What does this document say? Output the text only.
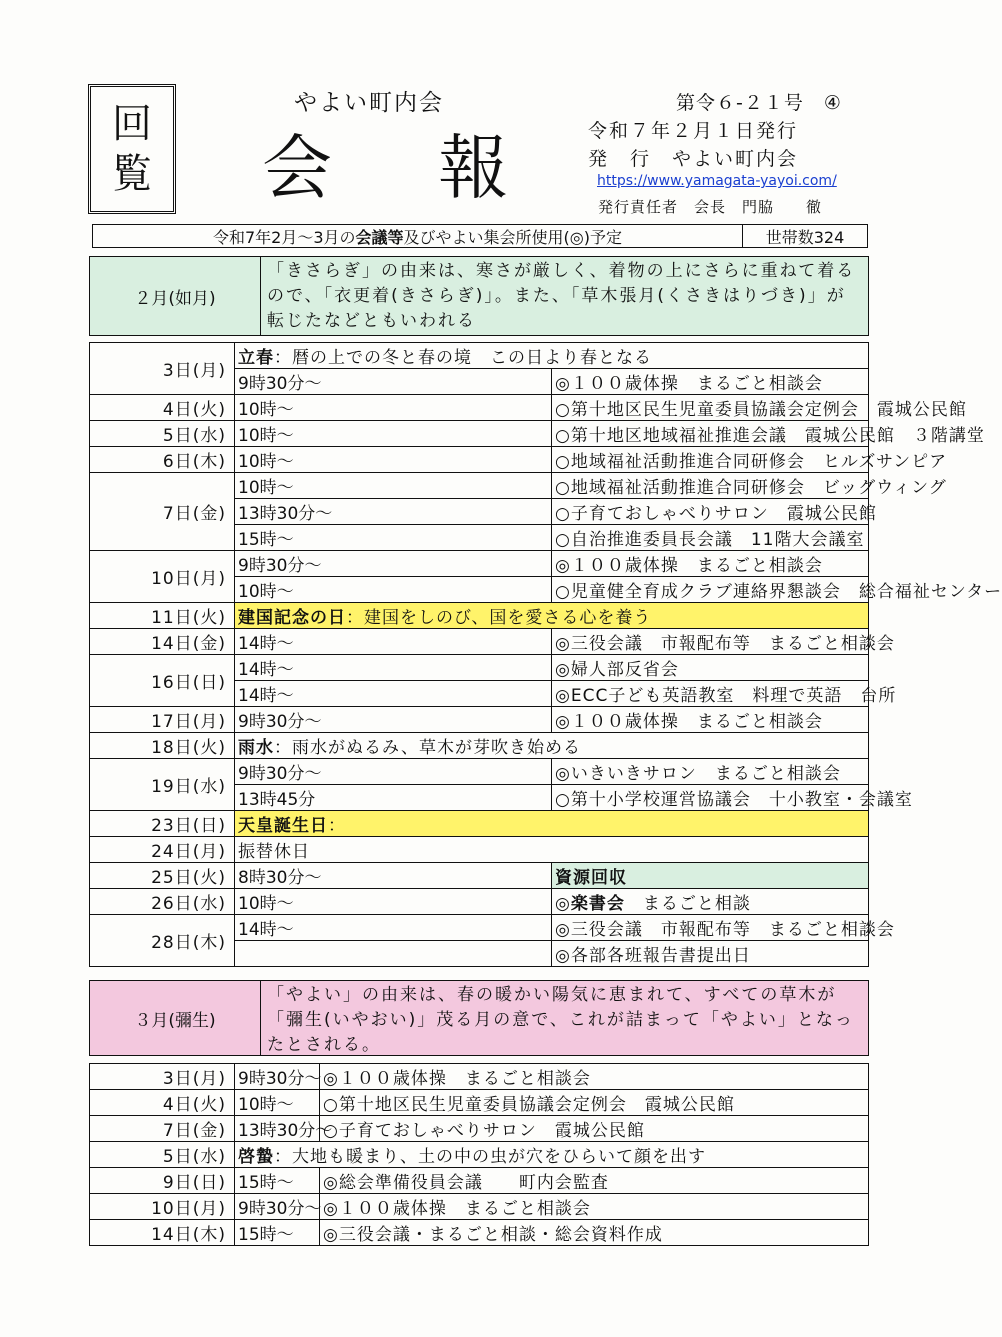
回
覧
やよい町内会
会 報
第令６-２１号　④
令和７年２月１日発行
発　行　やよい町内会
https://www.yamagata-yayoi.com/
発行責任者　会長　門脇　　徹
令和7年2月～3月の 会議等 及びやよい集会所使用(◎)予定	世帯数324
２月(如月)
「きさらぎ」の由来は、寒さが厳しく、着物の上にさらに重ねて着るので、「衣更着(きさらぎ)」。また、「草木張月(くさきはりづき)」が転じたなどともいわれる
3日(月)	立春：暦の上での冬と春の境　この日より春となる	
	9時30分～	◎１００歳体操　まるごと相談会
4日(火)	10時～	○第十地区民生児童委員協議会定例会　霞城公民館
5日(水)	10時～	○第十地区地域福祉推進会議　霞城公民館　３階講堂
6日(木)	10時～	○地域福祉活動推進合同研修会　ヒルズサンピア
7日(金)	10時～	○地域福祉活動推進合同研修会　ビッグウィング
	13時30分～	○子育ておしゃべりサロン　霞城公民館
	15時～	○自治推進委員長会議　11階大会議室
10日(月)	9時30分～	◎１００歳体操　まるごと相談会
	10時～	○児童健全育成クラブ連絡界懇談会　総合福祉センター
11日(火)	建国記念の日：建国をしのび、国を愛さる心を養う	
14日(金)	14時～	◎三役会議　市報配布等　まるごと相談会
16日(日)	14時～	◎婦人部反省会
	14時～	◎ECC子ども英語教室　料理で英語　台所
17日(月)	9時30分～	◎１００歳体操　まるごと相談会
18日(火)	雨水：雨水がぬるみ、草木が芽吹き始める	
19日(水)	9時30分～	◎いきいきサロン　まるごと相談会
	13時45分	○第十小学校運営協議会　十小教室・会議室
23日(日)	天皇誕生日：	
24日(月)	振替休日	
25日(火)	8時30分～	資源回収
26日(水)	10時～	◎楽書会　まるごと相談
28日(木)	14時～	◎三役会議　市報配布等　まるごと相談会
		◎各部各班報告書提出日
３月(彌生)
「やよい」の由来は、春の暖かい陽気に恵まれて、すべての草木が「彌生(いやおい)」茂る月の意で、これが詰まって「やよい」となったとされる。
3日(月)	9時30分～	◎１００歳体操　まるごと相談会
4日(火)	10時～	○第十地区民生児童委員協議会定例会　霞城公民館
7日(金)	13時30分～	○子育ておしゃべりサロン　霞城公民館
5日(水)	啓蟄：大地も暖まり、土の中の虫が穴をひらいて顔を出す	
9日(日)	15時～	◎総会準備役員会議　　町内会監査
10日(月)	9時30分～	◎１００歳体操　まるごと相談会
14日(木)	15時～	◎三役会議・まるごと相談・総会資料作成
